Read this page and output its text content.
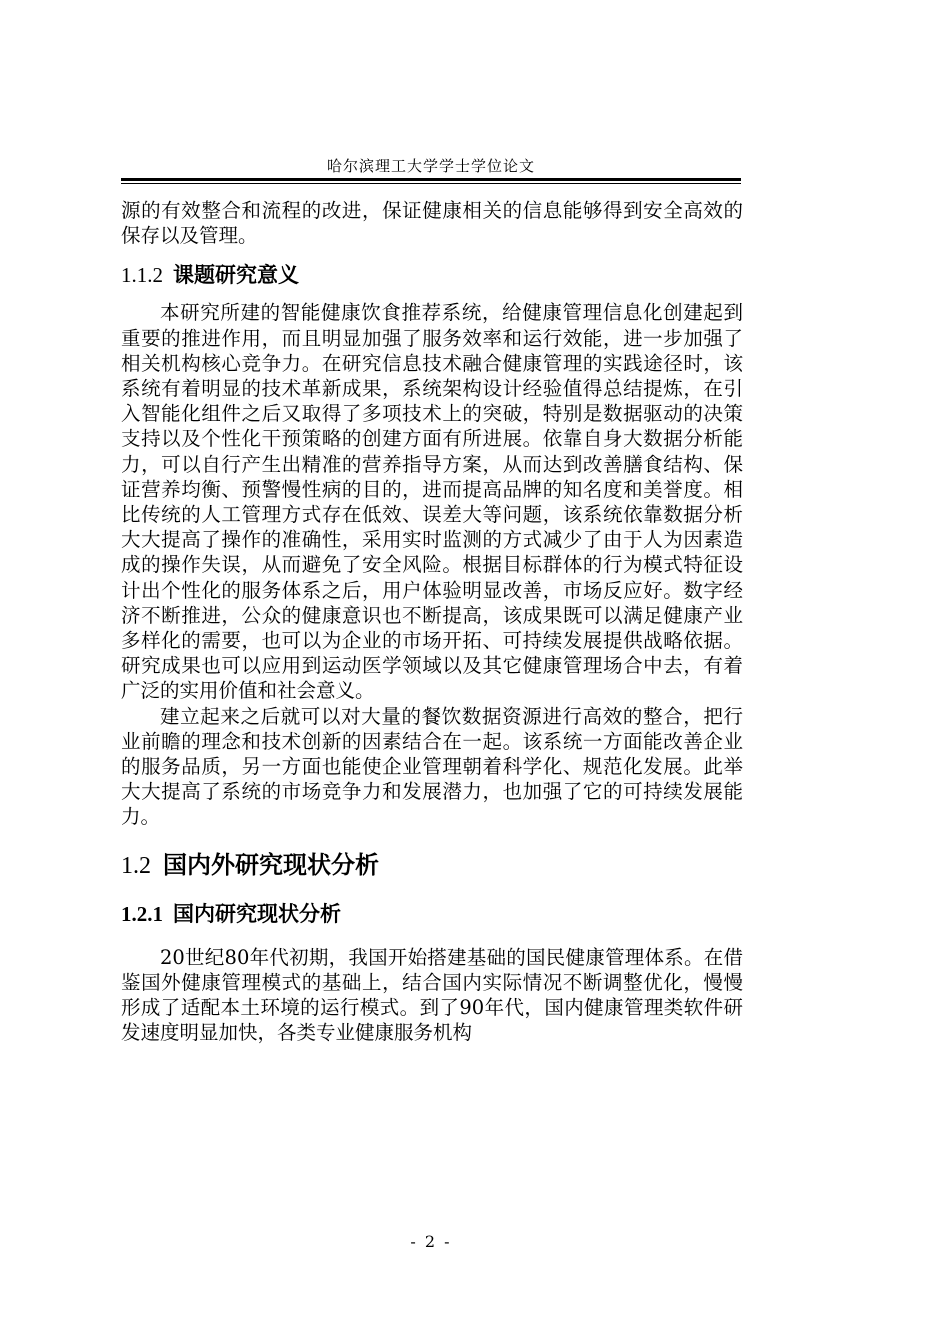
哈尔滨理工大学学士学位论文

源的有效整合和流程的改进，保证健康相关的信息能够得到安全高效的保存以及管理。

1.1.2 课题研究意义

本研究所建的智能健康饮食推荐系统，给健康管理信息化创建起到重要的推进作用，而且明显加强了服务效率和运行效能，进一步加强了相关机构核心竞争力。在研究信息技术融合健康管理的实践途径时，该系统有着明显的技术革新成果，系统架构设计经验值得总结提炼，在引入智能化组件之后又取得了多项技术上的突破，特别是数据驱动的决策支持以及个性化干预策略的创建方面有所进展。依靠自身大数据分析能力，可以自行产生出精准的营养指导方案，从而达到改善膳食结构、保证营养均衡、预警慢性病的目的，进而提高品牌的知名度和美誉度。相比传统的人工管理方式存在低效、误差大等问题，该系统依靠数据分析大大提高了操作的准确性，采用实时监测的方式减少了由于人为因素造成的操作失误，从而避免了安全风险。根据目标群体的行为模式特征设计出个性化的服务体系之后，用户体验明显改善，市场反应好。数字经济不断推进，公众的健康意识也不断提高，该成果既可以满足健康产业多样化的需要，也可以为企业的市场开拓、可持续发展提供战略依据。研究成果也可以应用到运动医学领域以及其它健康管理场合中去，有着广泛的实用价值和社会意义。

建立起来之后就可以对大量的餐饮数据资源进行高效的整合，把行业前瞻的理念和技术创新的因素结合在一起。该系统一方面能改善企业的服务品质，另一方面也能使企业管理朝着科学化、规范化发展。此举大大提高了系统的市场竞争力和发展潜力，也加强了它的可持续发展能力。

1.2 国内外研究现状分析
1.2.1 国内研究现状分析

20世纪80年代初期，我国开始搭建基础的国民健康管理体系。在借鉴国外健康管理模式的基础上，结合国内实际情况不断调整优化，慢慢形成了适配本土环境的运行模式。到了90年代，国内健康管理类软件研发速度明显加快，各类专业健康服务机构

- 2 -
